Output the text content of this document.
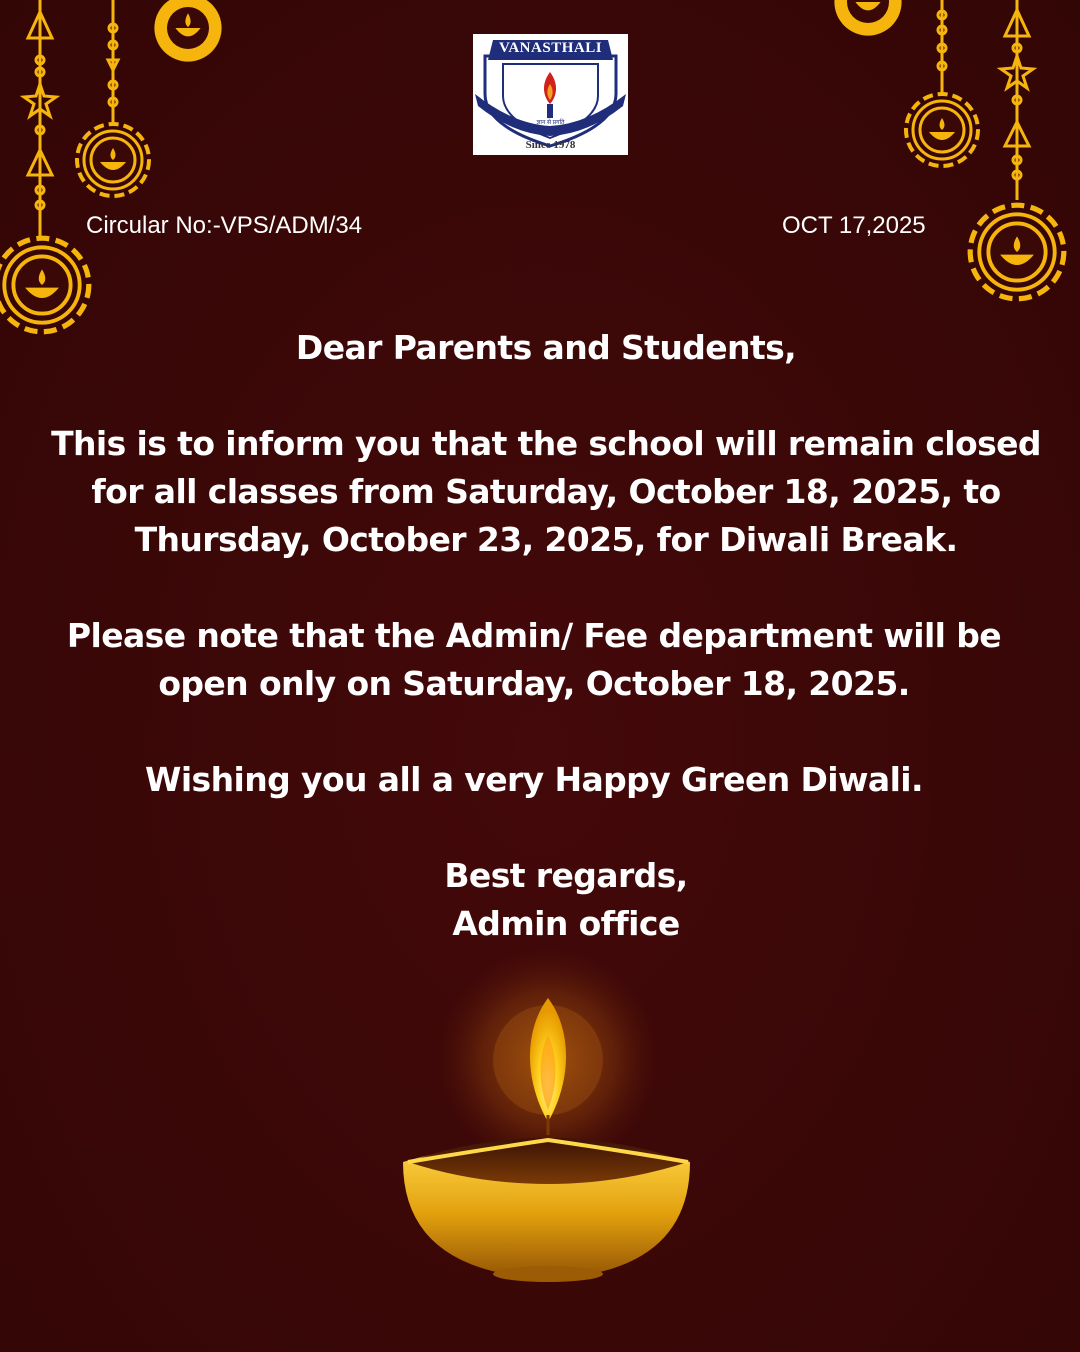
VANASTHALI
ज्ञान से प्रगति
Since 1978
Circular No:-VPS/ADM/34	OCT 17,2025
Dear Parents and Students,
This is to inform you that the school will remain closed
for all classes from Saturday, October 18, 2025, to
Thursday, October 23, 2025, for Diwali Break.
Please note that the Admin/ Fee department will be
open only on Saturday, October 18, 2025.
Wishing you all a very Happy Green Diwali.
Best regards,
Admin office
